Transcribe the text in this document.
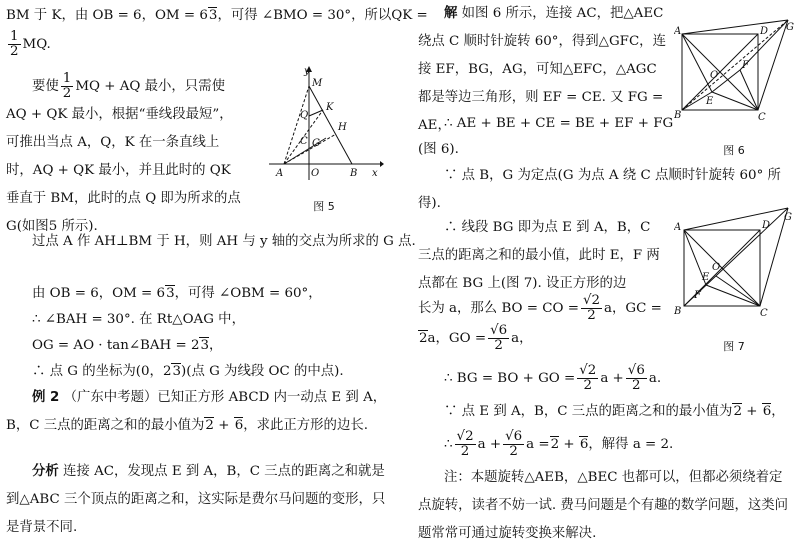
BM 于 K，由 OB = 6，OM = 63，可得 ∠BMO = 30°，所以QK =
$\frac{1}{2}$ MQ.
要使 $\frac{1}{2}$ MQ + AQ 最小，只需使
AQ + QK 最小，根据“垂线段最短”，可推出当点 A，Q，K 在一条直线上时，AQ + QK 最小，并且此时的 QK 垂直于 BM，此时的点 Q 即为所求的点 G(如图5 所示).
y
x
M
K
Q
H
G
C
A	O	B
图 5
过点 A 作 AH⊥BM 于 H，则 AH 与 y 轴的交点为所求的 G 点.
由 OB = 6，OM = 63，可得 ∠OBM = 60°，
∴ ∠BAH = 30°. 在 Rt△OAG 中，
OG = AO · tan∠BAH = 23，
∴ 点 G 的坐标为(0，23)(点 G 为线段 OC 的中点).
例 2 （广东中考题）已知正方形 ABCD 内一动点 E 到 A，B，C 三点的距离之和的最小值为2 + 6，求此正方形的边长.
分析 连接 AC，发现点 E 到 A，B，C 三点的距离之和就是到△ABC 三个顶点的距离之和，这实际是费尔马问题的变形，只是背景不同.
解 如图 6 所示，连接 AC，把△AEC 绕点 C 顺时针旋转 60°，得到△GFC，连接 EF，BG，AG，可知△EFC，△AGC 都是等边三角形，则 EF = CE. 又 FG = AE，
∴ AE + BE + CE = BE + EF + FG
(图 6).
A	D G
O
F
B
E
C
图 6
∵ 点 B，G 为定点(G 为点 A 绕 C 点顺时针旋转 60° 所得).
∴ 线段 BG 即为点 E 到 A，B，C 三点的距离之和的最小值，此时 E，F 两点都在 BG 上(图 7). 设正方形的边
长为 a，那么 BO = CO = $\frac{√2}{2}$ a，GC =
2a，GO = $\frac{√6}{2}$ a，
A	D
G
O
E
F
B	C
图 7
∴ BG = BO + GO = $\frac{√2}{2}$ $a + \frac{√6}{2} a$.
∵ 点 E 到 A，B，C 三点的距离之和的最小值为2 + 6，
∴ $\frac{√2}{2}$ $a + \frac{√6}{2}$ a =2 + 6，解得 a = 2.
注：本题旋转△AEB，△BEC 也都可以，但都必须绕着定点旋转，读者不妨一试. 费马问题是个有趣的数学问题，这类问题常常可通过旋转变换来解决.
